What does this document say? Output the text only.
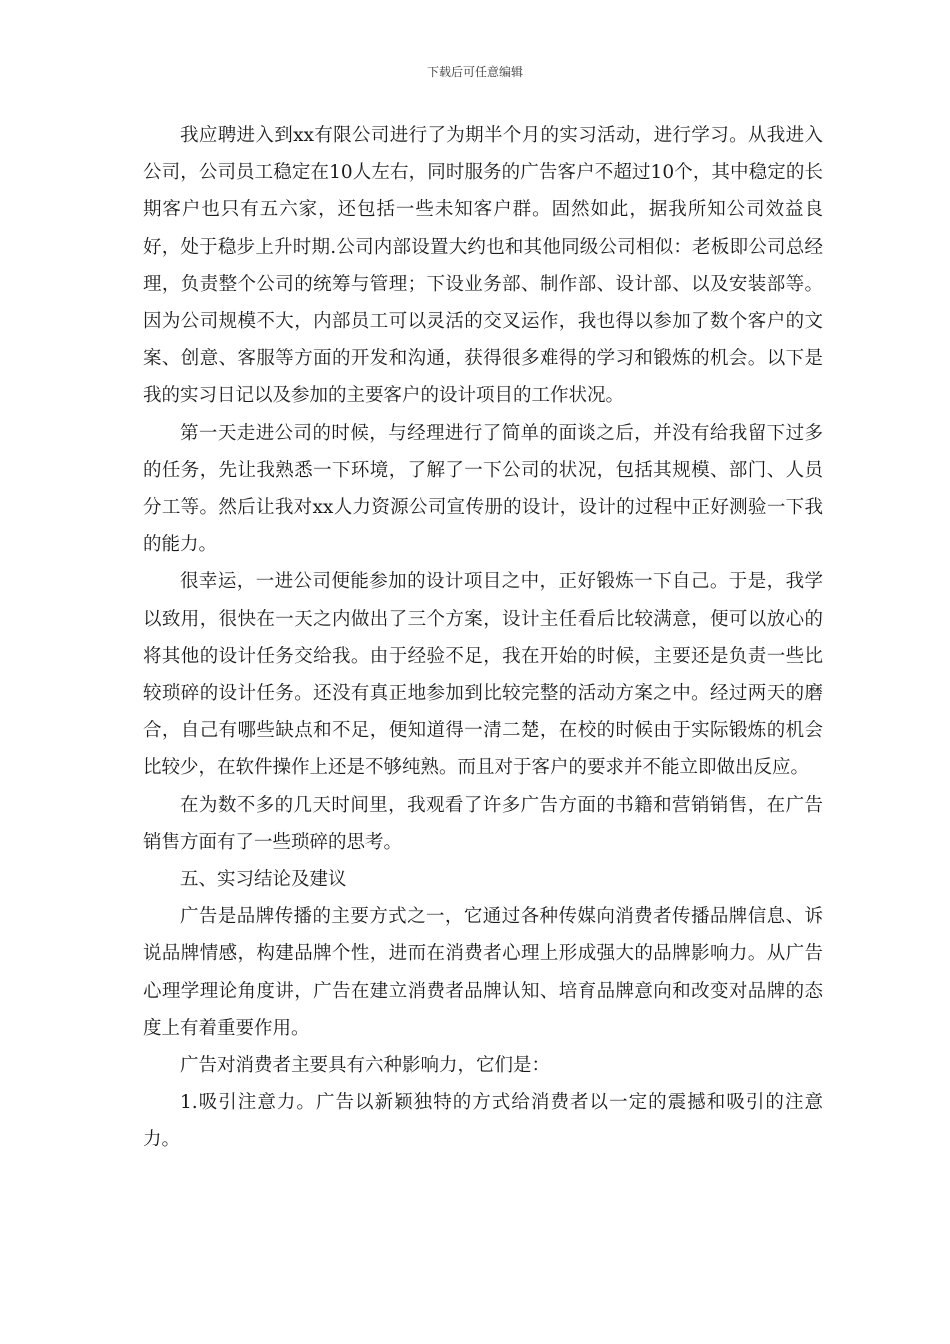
下载后可任意编辑

我应聘进入到xx有限公司进行了为期半个月的实习活动，进行学习。从我进入公司，公司员工稳定在10人左右，同时服务的广告客户不超过10个，其中稳定的长期客户也只有五六家，还包括一些未知客户群。固然如此，据我所知公司效益良好，处于稳步上升时期.公司内部设置大约也和其他同级公司相似：老板即公司总经理，负责整个公司的统筹与管理；下设业务部、制作部、设计部、以及安装部等。因为公司规模不大，内部员工可以灵活的交叉运作，我也得以参加了数个客户的文案、创意、客服等方面的开发和沟通，获得很多难得的学习和锻炼的机会。以下是我的实习日记以及参加的主要客户的设计项目的工作状况。

第一天走进公司的时候，与经理进行了简单的面谈之后，并没有给我留下过多的任务，先让我熟悉一下环境，了解了一下公司的状况，包括其规模、部门、人员分工等。然后让我对xx人力资源公司宣传册的设计，设计的过程中正好测验一下我的能力。

很幸运，一进公司便能参加的设计项目之中，正好锻炼一下自己。于是，我学以致用，很快在一天之内做出了三个方案，设计主任看后比较满意，便可以放心的将其他的设计任务交给我。由于经验不足，我在开始的时候，主要还是负责一些比较琐碎的设计任务。还没有真正地参加到比较完整的活动方案之中。经过两天的磨合，自己有哪些缺点和不足，便知道得一清二楚，在校的时候由于实际锻炼的机会比较少，在软件操作上还是不够纯熟。而且对于客户的要求并不能立即做出反应。

在为数不多的几天时间里，我观看了许多广告方面的书籍和营销销售，在广告销售方面有了一些琐碎的思考。

五、实习结论及建议

广告是品牌传播的主要方式之一，它通过各种传媒向消费者传播品牌信息、诉说品牌情感，构建品牌个性，进而在消费者心理上形成强大的品牌影响力。从广告心理学理论角度讲，广告在建立消费者品牌认知、培育品牌意向和改变对品牌的态度上有着重要作用。

广告对消费者主要具有六种影响力，它们是：

1.吸引注意力。广告以新颖独特的方式给消费者以一定的震撼和吸引的注意力。
